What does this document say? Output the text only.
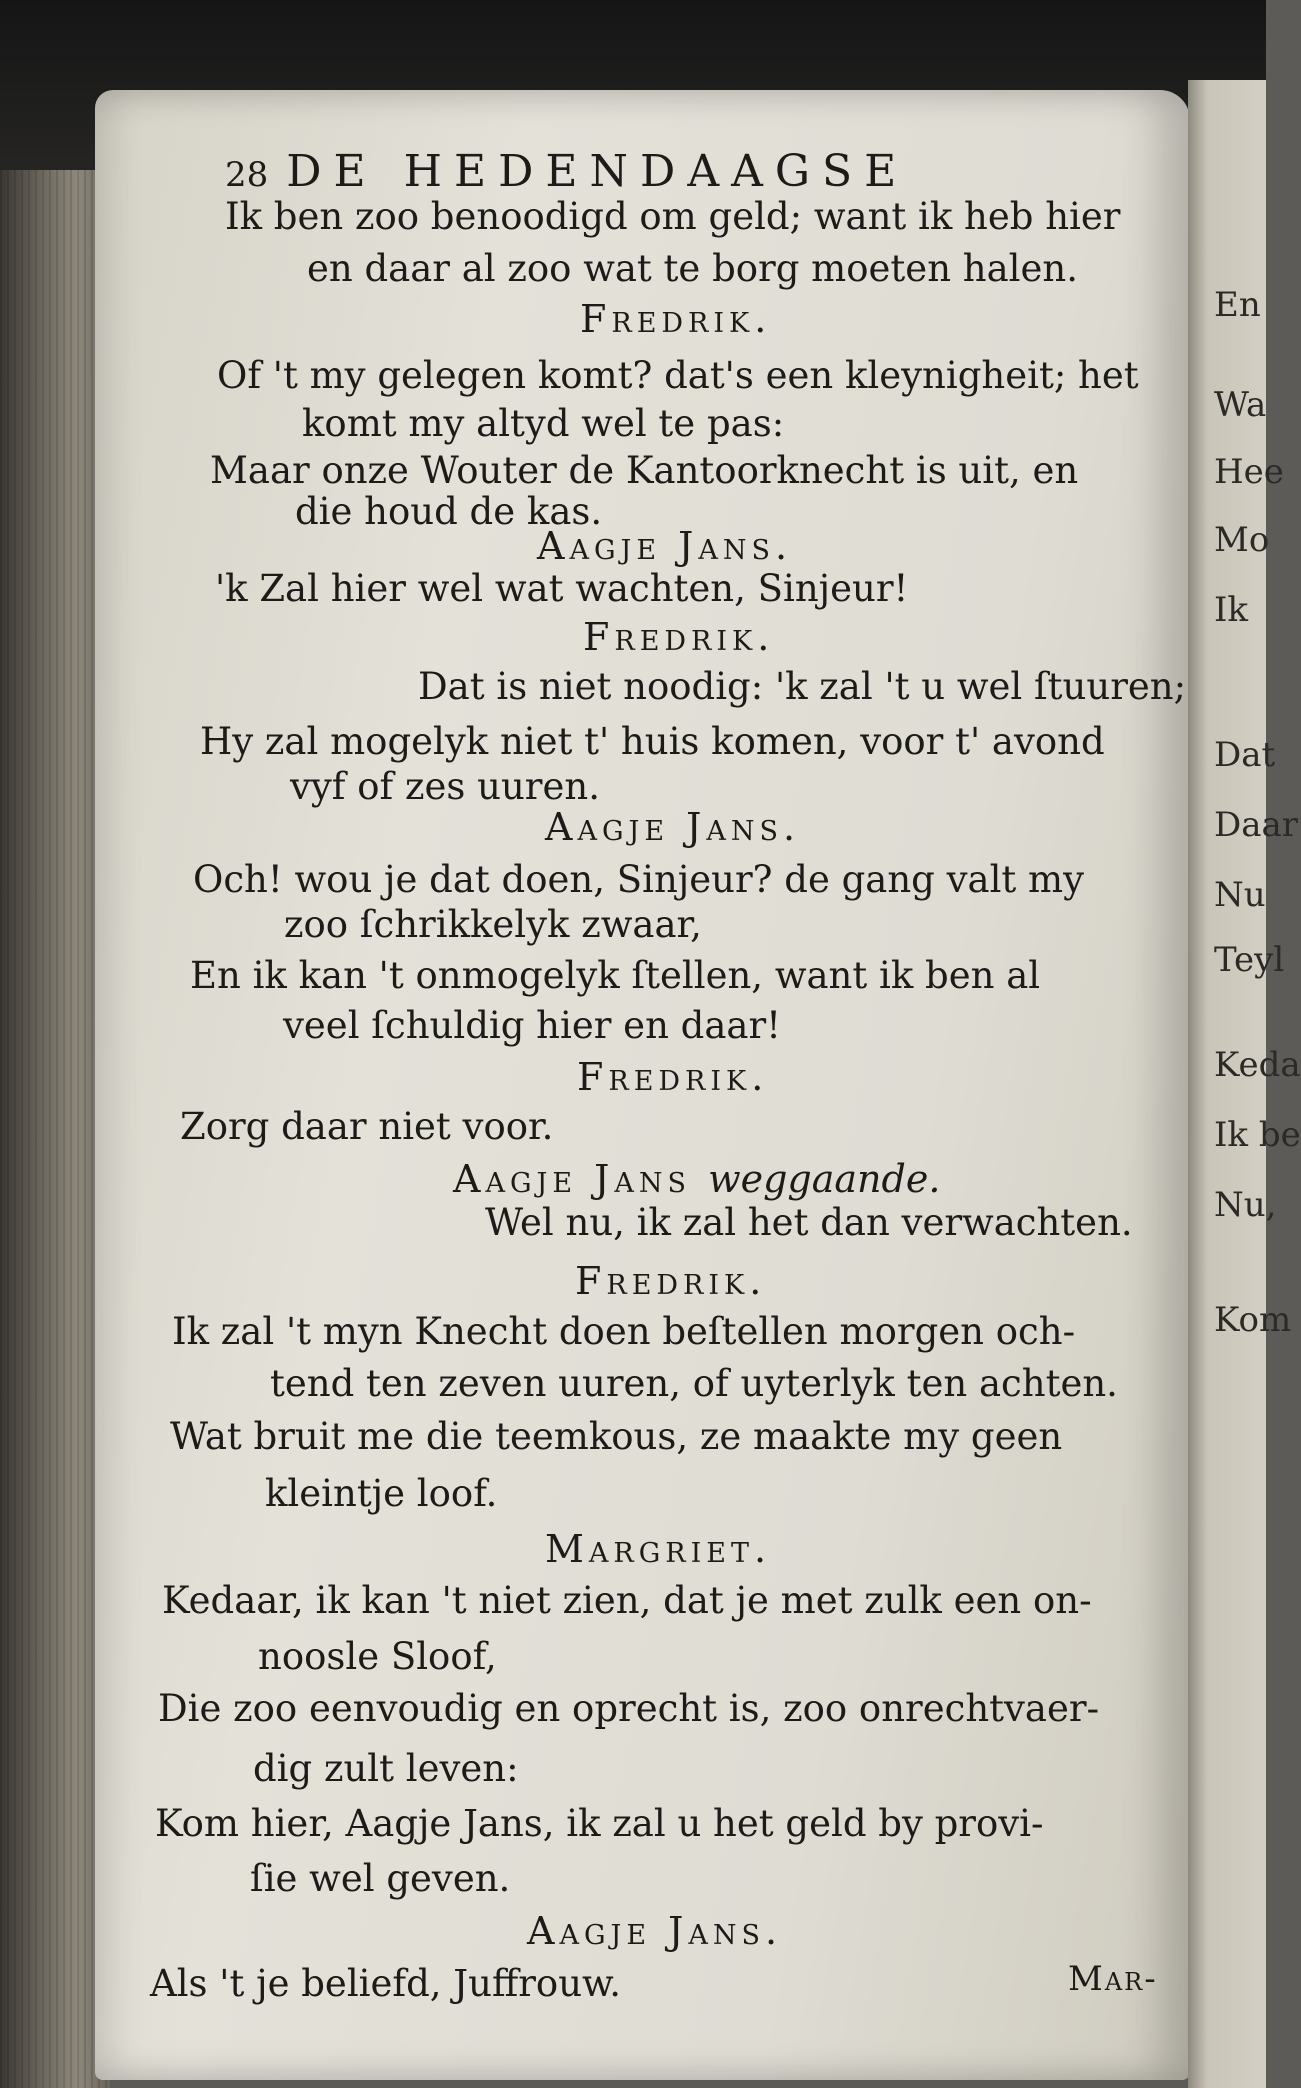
En
Wa
Hee
Mo
Ik
Dat
Daar
Nu
Teyl
Keda
Ik be
Nu,
Kom
28 DE HEDENDAAGSE
Ik ben zoo benoodigd om geld; want ik heb hier
en daar al zoo wat te borg moeten halen.
Fredrik.
Of 't my gelegen komt? dat's een kleynigheit; het
komt my altyd wel te pas:
Maar onze Wouter de Kantoorknecht is uit, en
die houd de kas.
Aagje Jans.
'k Zal hier wel wat wachten, Sinjeur!
Fredrik.
Dat is niet noodig: 'k zal 't u wel ſtuuren;
Hy zal mogelyk niet t' huis komen, voor t' avond
vyf of zes uuren.
Aagje Jans.
Och! wou je dat doen, Sinjeur? de gang valt my
zoo ſchrikkelyk zwaar,
En ik kan 't onmogelyk ſtellen, want ik ben al
veel ſchuldig hier en daar!
Fredrik.
Zorg daar niet voor.
Aagje Jans weggaande.
Wel nu, ik zal het dan verwachten.
Fredrik.
Ik zal 't myn Knecht doen beſtellen morgen och-
tend ten zeven uuren, of uyterlyk ten achten.
Wat bruit me die teemkous, ze maakte my geen
kleintje loof.
Margriet.
Kedaar, ik kan 't niet zien, dat je met zulk een on-
noosle Sloof,
Die zoo eenvoudig en oprecht is, zoo onrechtvaer-
dig zult leven:
Kom hier, Aagje Jans, ik zal u het geld by provi-
ſie wel geven.
Aagje Jans.
Als 't je beliefd, Juffrouw.	Mar-
